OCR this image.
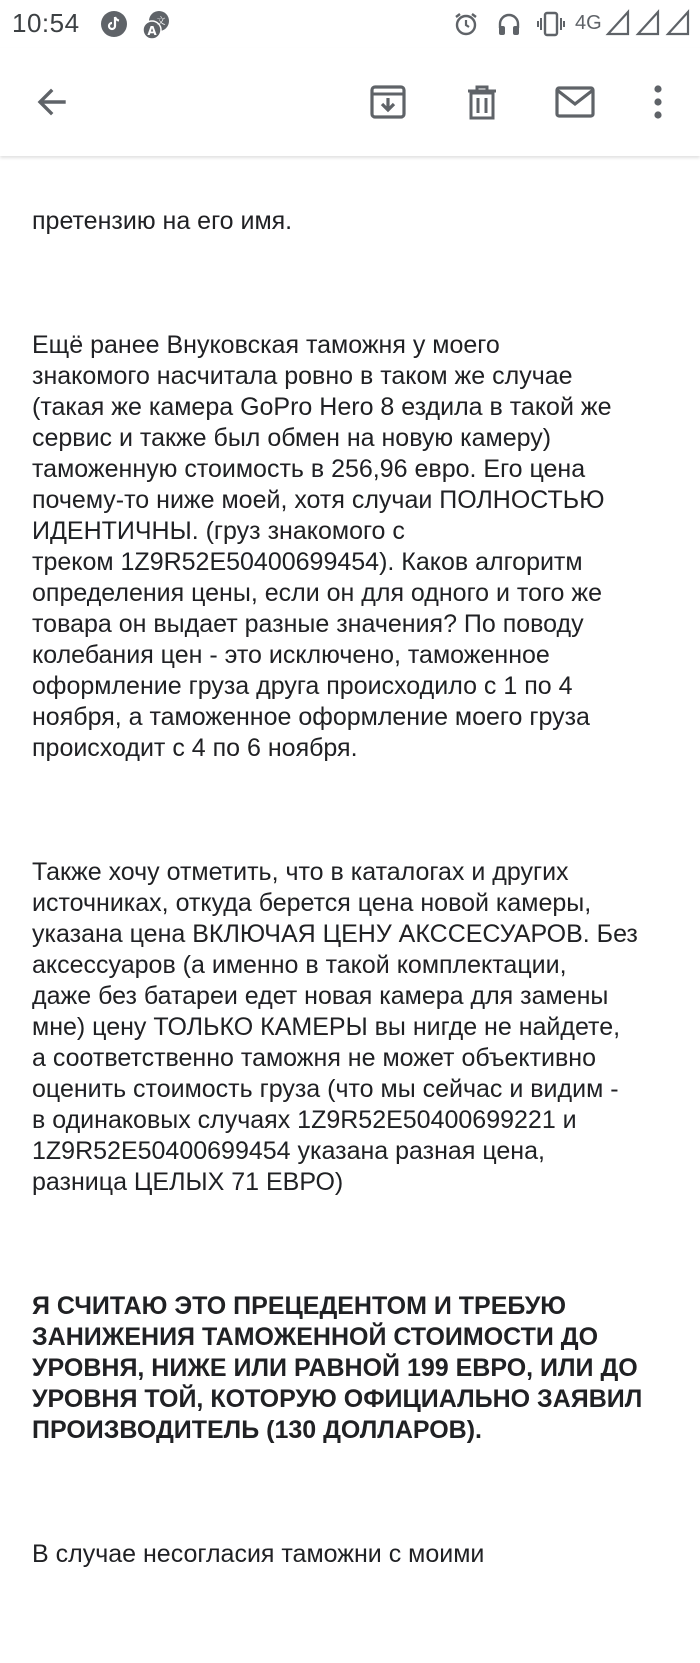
10:54	A
文	4G

претензию на его имя.

Ещё ранее Внуковская таможня у моего
знакомого насчитала ровно в таком же случае
(такая же камера GoPro Hero 8 ездила в такой же
сервис и также был обмен на новую камеру)
таможенную стоимость в 256,96 евро. Его цена
почему-то ниже моей, хотя случаи ПОЛНОСТЬЮ
ИДЕНТИЧНЫ. (груз знакомого с
треком 1Z9R52E50400699454). Каков алгоритм
определения цены, если он для одного и того же
товара он выдает разные значения? По поводу
колебания цен - это исключено, таможенное
оформление груза друга происходило с 1 по 4
ноября, а таможенное оформление моего груза
происходит с 4 по 6 ноября.

Также хочу отметить, что в каталогах и других
источниках, откуда берется цена новой камеры,
указана цена ВКЛЮЧАЯ ЦЕНУ АКССЕСУАРОВ. Без
аксессуаров (а именно в такой комплектации,
даже без батареи едет новая камера для замены
мне) цену ТОЛЬКО КАМЕРЫ вы нигде не найдете,
а соответственно таможня не может объективно
оценить стоимость груза (что мы сейчас и видим -
в одинаковых случаях 1Z9R52E50400699221 и
1Z9R52E50400699454 указана разная цена,
разница ЦЕЛЫХ 71 ЕВРО)

Я СЧИТАЮ ЭТО ПРЕЦЕДЕНТОМ И ТРЕБУЮ
ЗАНИЖЕНИЯ ТАМОЖЕННОЙ СТОИМОСТИ ДО
УРОВНЯ, НИЖЕ ИЛИ РАВНОЙ 199 ЕВРО, ИЛИ ДО
УРОВНЯ ТОЙ, КОТОРУЮ ОФИЦИАЛЬНО ЗАЯВИЛ
ПРОИЗВОДИТЕЛЬ (130 ДОЛЛАРОВ).

В случае несогласия таможни с моими
